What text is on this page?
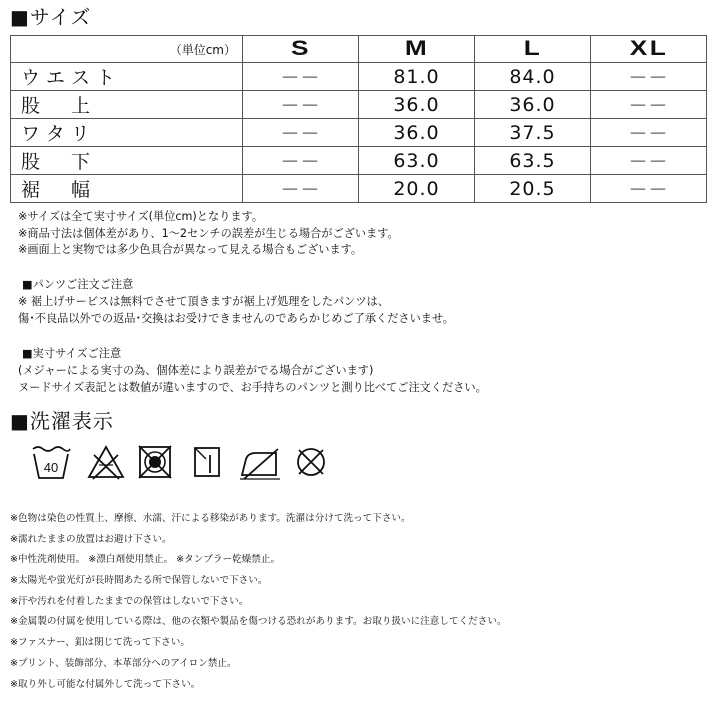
■サイズ
（単位cm）	S	M	L	XL
ウエスト	－－	81.0	84.0	－－
股　上	－－	36.0	36.0	－－
ワタリ	－－	36.0	37.5	－－
股　下	－－	63.0	63.5	－－
裾　幅	－－	20.0	20.5	－－
※サイズは全て実寸サイズ(単位cm)となります。
※商品寸法は個体差があり、1～2センチの誤差が生じる場合がございます。
※画面上と実物では多少色具合が異なって見える場合もございます。
■パンツご注文ご注意
※ 裾上げサービスは無料でさせて頂きますが裾上げ処理をしたパンツは、
傷･不良品以外での返品･交換はお受けできませんのであらかじめご了承くださいませ。
■実寸サイズご注意
(メジャーによる実寸の為、個体差により誤差がでる場合がございます)
ヌードサイズ表記とは数値が違いますので、お手持ちのパンツと測り比べてご注文ください。
■洗濯表示
40
※色物は染色の性質上、摩擦、水濡、汗による移染があります。洗濯は分けて洗って下さい。
※濡れたままの放置はお避け下さい。
※中性洗剤使用。 ※漂白剤使用禁止。 ※タンブラー乾燥禁止。
※太陽光や蛍光灯が長時間あたる所で保管しないで下さい。
※汗や汚れを付着したままでの保管はしないで下さい。
※金属製の付属を使用している際は、他の衣類や製品を傷つける恐れがあります。お取り扱いに注意してください。
※ファスナー、釦は閉じて洗って下さい。
※プリント、装飾部分、本革部分へのアイロン禁止。
※取り外し可能な付属外して洗って下さい。
